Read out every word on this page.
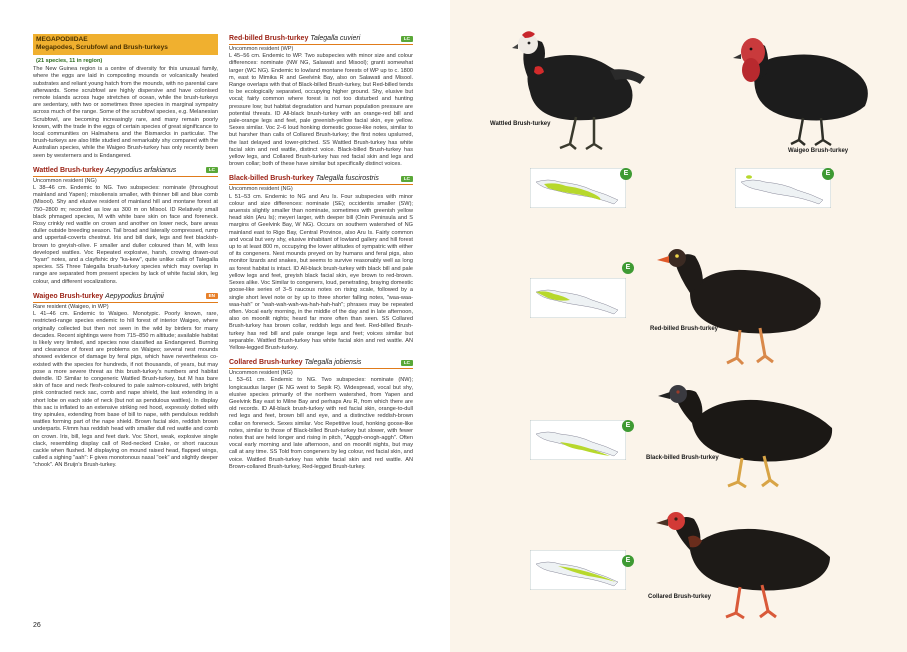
MEGAPODIIDAE
Megapodes, Scrubfowl and Brush-turkeys
(21 species, 11 in region)
The New Guinea region is a centre of diversity for this unusual family, where the eggs are laid in composting mounds or volcanically heated substrates and reliant young hatch from the mounds, with no parental care afterwards. Some scrubfowl are highly dispersive and have colonised remote islands across huge stretches of ocean, while the brush-turkeys are sedentary, with two or sometimes three species in marginal sympatry across much of the range. Some of the scrubfowl species, e.g. Melanesian Scrubfowl, are becoming increasingly rare, and many remain poorly known, with the trade in the eggs of certain species of great significance to local communities on Halmahera and the Bismarcks in particular. The brush-turkeys are also little studied and remarkably shy compared with the Australian species, while the Waigeo Brush-turkey has only recently been seen by westerners and is Endangered.
Wattled Brush-turkey Aepypodius arfakianus	LC
Uncommon resident (NG)
L 38–46 cm. Endemic to NG. Two subspecies: nominate (throughout mainland and Yapen); misoliensis smaller, with thinner bill and blue comb (Misool). Shy and elusive resident of mainland hill and montane forest at 750–2800 m; recorded as low as 300 m on Misool. ID Relatively small black phmaged species, M with white bare skin on face and foreneck. Rosy crinkly red wattle on crown and another on lower neck, bare areas duller outside breeding season. Tail broad and laterally compressed, rump and uppertail-coverts chestnut. Iris and bill dark, legs and feet blackish-brown to greyish-olive. F smaller and duller coloured than M, with less developed wattles. Voc Repeated explosive, harsh, crowing drawn-out "kyarr" notes, and a clayfishic dry "ka-kew", quite unlike calls of Talegalla species. SS Three Talegalla brush-turkey species which may overlap in range are separated from present species by lack of white facial skin, leg colour, and different vocalizations.
Waigeo Brush-turkey Aepypodius bruijnii	EN
Rare resident (Waigeo, in WP)
L 41–46 cm. Endemic to Waigeo. Monotypic. Poorly known, rare, restricted-range species endemic to hill forest of interior Waigeo, where originally collected but then not seen in the wild by birders for many decades. Recent sightings were from 715–850 m altitude; available habitat is likely very limited, and species now classified as Endangered. Burning and clearance of forest are problems on Waigeo; several nest mounds showed evidence of damage by feral pigs, which have nevertheless co-existed with the species for hundreds, if not thousands, of years, but may pose a more severe threat as this brush-turkey's numbers and habitat dwindle. ID Similar to congeneric Wattled Brush-turkey, but M has bare skin of face and neck flesh-coloured to pale salmon-coloured, with bright pink contracted neck sac, comb and nape shield, the last extending in a short lobe on each side of neck (but not as pendulous wattles). In display this sac is inflated to an extensive striking red hood, expressly dotted with tiny spinules, extending from base of bill to nape, with pendulous reddish wattles forming part of the nape shield. Brown facial skin, reddish brown underparts. F/imm has reddish head with smaller dull red wattle and comb on crown. Iris, bill, legs and feet dark. Voc Short, weak, explosive single clack, resembling display call of Red-necked Crake, or short raucous cackle when flushed. M displaying on mound raised head, flapped wings, called a sighing "aah": F gives monotonous nasal "oek" and slightly deeper "chook". AN Bruijn's Brush-turkey.
Red-billed Brush-turkey Talegalla cuvieri	LC
Uncommon resident (WP)
L 45–56 cm. Endemic to WP. Two subspecies with minor size and colour differences: nominate (NW NG, Salawati and Misool); granti somewhat larger (WC NG). Endemic to lowland montane forests of WP up to c. 1800 m, east to Mimika R and Geelvink Bay, also on Salawati and Misool. Range overlaps with that of Black-billed Brush-turkey, but Red-billed tends to be ecologically separated, occupying higher ground. Shy, elusive but vocal; fairly common where forest is not too disturbed and hunting pressure low; but habitat degradation and human population pressure are potential threats. ID All-black brush-turkey with an orange-red bill and pale-orange legs and feet, pale greenish-yellow facial skin, eye yellow. Sexes similar. Voc 2–6 loud honking domestic goose-like notes, similar to but harsher than calls of Collared Brush-turkey; the first notes upslurred, the last delayed and lower-pitched. SS Wattled Brush-turkey has white facial skin and red wattle, distinct voice. Black-billed Brush-turkey has yellow legs, and Collared Brush-turkey has red facial skin and legs and brown collar; both of these have similar but specifically distinct voices.
Black-billed Brush-turkey Talegalla fuscirostris	LC
Uncommon resident (NG)
L 51–53 cm. Endemic to NG and Aru Is. Four subspecies with minor colour and size differences: nominate (SE); occidentis smaller (SW); aruensis slightly smaller than nominate, sometimes with greenish yellow head skin (Aru Is); meyeri larger, with deeper bill (Onin Peninsula and S margins of Geelvink Bay, W NG). Occurs on southern watershed of NG mainland east to Rigo Bay, Central Province, also Aru Is. Fairly common and vocal but very shy, elusive inhabitant of lowland gallery and hill forest up to at least 800 m, occupying the lower altitudes of sympatric with either of its congeners. Nest mounds preyed on by humans and feral pigs, also monitor lizards and snakes, but seems to survive reasonably well as long as forest habitat is intact. ID All-black brush-turkey with black bill and pale yellow legs and feet, greyish black facial skin, eye brown to red-brown. Sexes alike. Voc Similar to congeners, loud, penetrating, braying domestic goose-like series of 3–5 raucous notes on rising scale, followed by a single short level note or by up to three shorter falling notes, "waa-waa-waa-hah" or "wah-wah-wah-wa-hah-hah-hah"; phrases may be repeated often. Vocal early morning, in the middle of the day and in late afternoon, also on moonlit nights; heard far more often than seen. SS Collared Brush-turkey has brown collar, reddish legs and feet. Red-billed Brush-turkey has red bill and pale orange legs and feet; voices similar but separable. Wattled Brush-turkey has white facial skin and red wattle. AN Yellow-legged Brush-turkey.
Collared Brush-turkey Talegalla jobiensis	LC
Uncommon resident (NG)
L 53–61 cm. Endemic to NG. Two subspecies: nominate (NW); longicaudus larger (E NG west to Sepik R). Widespread, vocal but shy, elusive species primarily of the northern watershed, from Yapen and Geelvink Bay east to Milne Bay and perhaps Aru R, from which there are old records. ID All-black brush-turkey with red facial skin, orange-to-dull red legs and feet, brown bill and eye, and a distinctive reddish-brown collar on foreneck. Sexes similar. Voc Repetitive loud, honking goose-like notes, similar to those of Black-billed Brush-turkey but slower, with fewer notes that are held longer and rising in pitch, "Agggh-onogh-aggh". Often vocal early morning and late afternoon, and on moonlit nights, but may call at any time. SS Told from congeners by leg colour, red facial skin, and voice. Wattled Brush-turkey has white facial skin and red wattle. AN Brown-collared Brush-turkey, Red-legged Brush-turkey.
26
Wattled Brush-turkey
Waigeo Brush-turkey
E	E
E
Red-billed Brush-turkey
E
Black-billed Brush-turkey
E
Collared Brush-turkey
